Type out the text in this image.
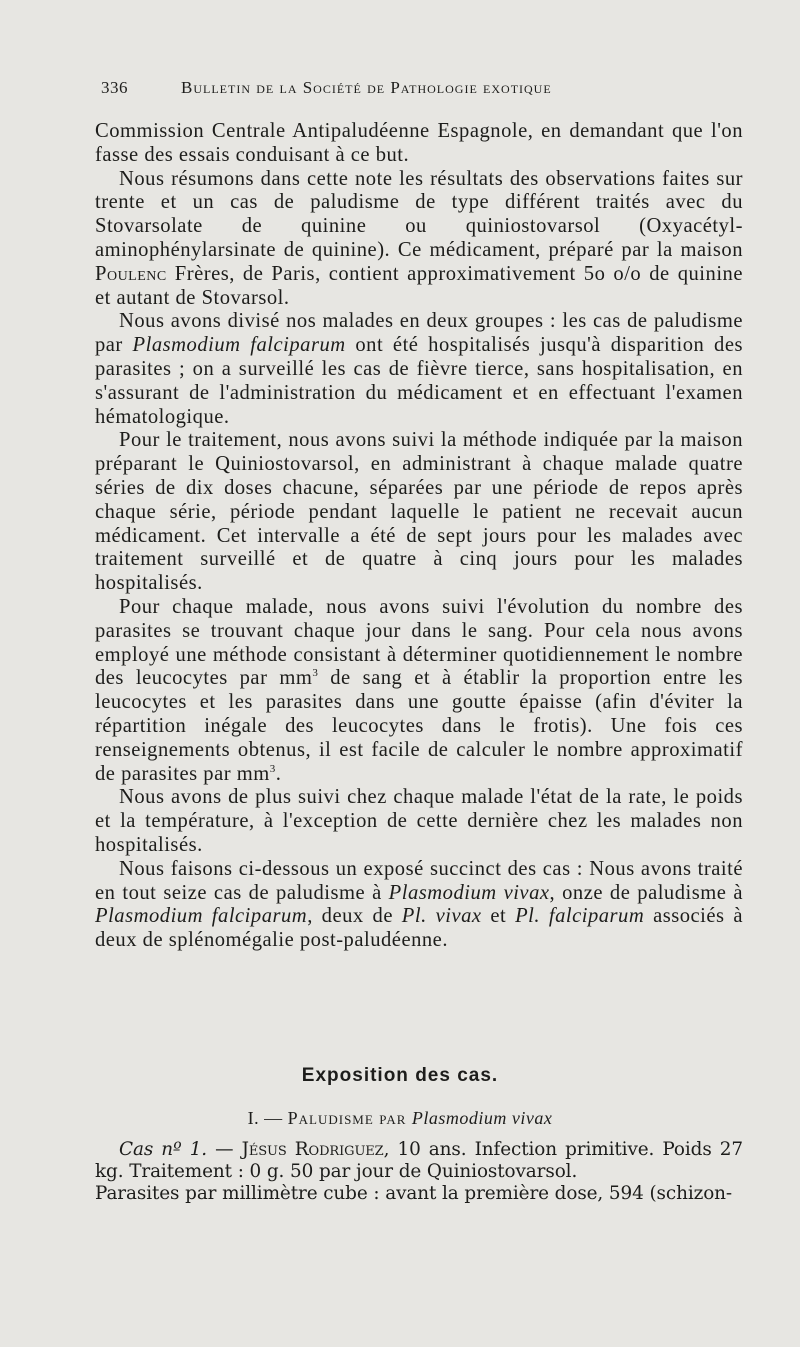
336	Bulletin de la Société de Pathologie exotique

Commission Centrale Antipaludéenne Espagnole, en demandant que l'on fasse des essais conduisant à ce but.

Nous résumons dans cette note les résultats des observations faites sur trente et un cas de paludisme de type différent traités avec du Stovarsolate de quinine ou quiniostovarsol (Oxyacétyl-aminophénylarsinate de quinine). Ce médicament, préparé par la maison Poulenc Frères, de Paris, contient approximativement 5o o/o de quinine et autant de Stovarsol.

Nous avons divisé nos malades en deux groupes : les cas de paludisme par Plasmodium falciparum ont été hospitalisés jusqu'à disparition des parasites ; on a surveillé les cas de fièvre tierce, sans hospitalisation, en s'assurant de l'administration du médicament et en effectuant l'examen hématologique.

Pour le traitement, nous avons suivi la méthode indiquée par la maison préparant le Quiniostovarsol, en administrant à chaque malade quatre séries de dix doses chacune, séparées par une période de repos après chaque série, période pendant laquelle le patient ne recevait aucun médicament. Cet intervalle a été de sept jours pour les malades avec traitement surveillé et de quatre à cinq jours pour les malades hospitalisés.

Pour chaque malade, nous avons suivi l'évolution du nombre des parasites se trouvant chaque jour dans le sang. Pour cela nous avons employé une méthode consistant à déterminer quotidiennement le nombre des leucocytes par $mm^3$ de sang et à établir la proportion entre les leucocytes et les parasites dans une goutte épaisse (afin d'éviter la répartition inégale des leucocytes dans le frotis). Une fois ces renseignements obtenus, il est facile de calculer le nombre approximatif de parasites par $mm^3$.

Nous avons de plus suivi chez chaque malade l'état de la rate, le poids et la température, à l'exception de cette dernière chez les malades non hospitalisés.

Nous faisons ci-dessous un exposé succinct des cas : Nous avons traité en tout seize cas de paludisme à Plasmodium vivax, onze de paludisme à Plasmodium falciparum, deux de Pl. vivax et Pl. falciparum associés à deux de splénomégalie post-paludéenne.

Exposition des cas.
I. — Paludisme par Plasmodium vivax

Cas nº 1. — Jésus Rodriguez, 10 ans. Infection primitive. Poids 27 kg. Traitement : 0 g. 50 par jour de Quiniostovarsol.

Parasites par millimètre cube : avant la première dose, 594 (schizon-
